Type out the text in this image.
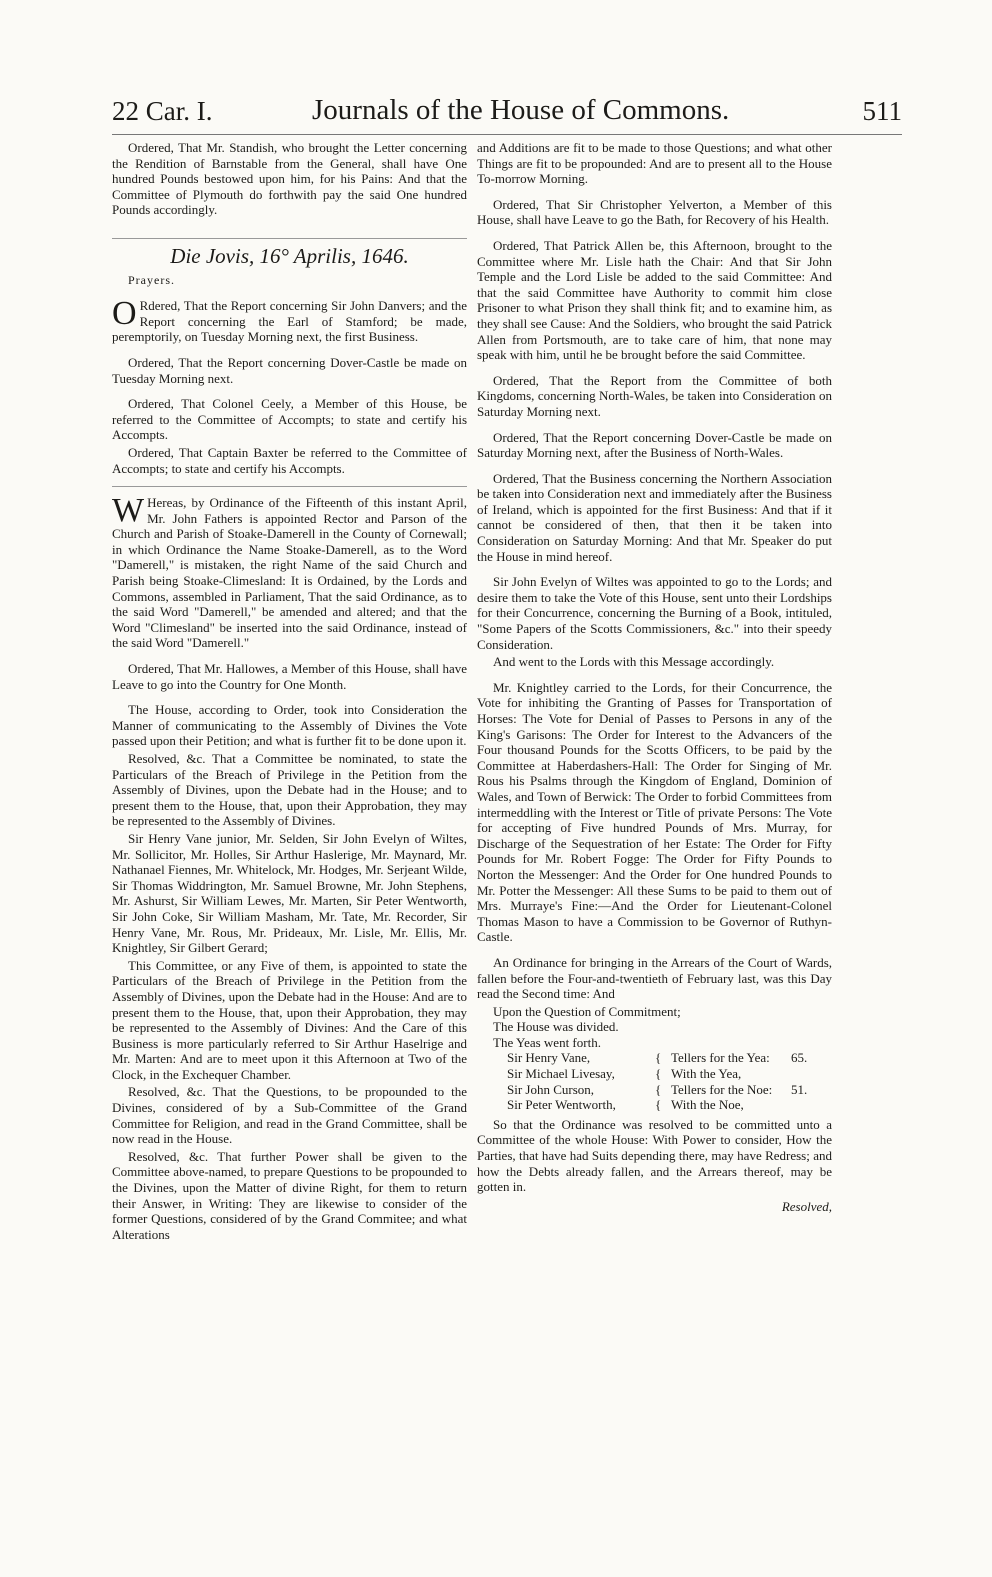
22 Car. I.	Journals of the House of Commons.	511

Ordered, That Mr. Standish, who brought the Letter concerning the Rendition of Barnstable from the General, shall have One hundred Pounds bestowed upon him, for his Pains: And that the Committee of Plymouth do forthwith pay the said One hundred Pounds accordingly.

Die Jovis, 16° Aprilis, 1646.

Prayers.

O Rdered, That the Report concerning Sir John Danvers; and the Report concerning the Earl of Stamford; be made, peremptorily, on Tuesday Morning next, the first Business.

Ordered, That the Report concerning Dover-Castle be made on Tuesday Morning next.

Ordered, That Colonel Ceely, a Member of this House, be referred to the Committee of Accompts; to state and certify his Accompts.

Ordered, That Captain Baxter be referred to the Committee of Accompts; to state and certify his Accompts.

W Hereas, by Ordinance of the Fifteenth of this instant April, Mr. John Fathers is appointed Rector and Parson of the Church and Parish of Stoake-Damerell in the County of Cornewall; in which Ordinance the Name Stoake-Damerell, as to the Word "Damerell," is mistaken, the right Name of the said Church and Parish being Stoake-Climesland: It is Ordained, by the Lords and Commons, assembled in Parliament, That the said Ordinance, as to the said Word "Damerell," be amended and altered; and that the Word "Climesland" be inserted into the said Ordinance, instead of the said Word "Damerell."

Ordered, That Mr. Hallowes, a Member of this House, shall have Leave to go into the Country for One Month.

The House, according to Order, took into Consideration the Manner of communicating to the Assembly of Divines the Vote passed upon their Petition; and what is further fit to be done upon it.

Resolved, &c. That a Committee be nominated, to state the Particulars of the Breach of Privilege in the Petition from the Assembly of Divines, upon the Debate had in the House; and to present them to the House, that, upon their Approbation, they may be represented to the Assembly of Divines.

Sir Henry Vane junior, Mr. Selden, Sir John Evelyn of Wiltes, Mr. Sollicitor, Mr. Holles, Sir Arthur Haslerige, Mr. Maynard, Mr. Nathanael Fiennes, Mr. Whitelock, Mr. Hodges, Mr. Serjeant Wilde, Sir Thomas Widdrington, Mr. Samuel Browne, Mr. John Stephens, Mr. Ashurst, Sir William Lewes, Mr. Marten, Sir Peter Wentworth, Sir John Coke, Sir William Masham, Mr. Tate, Mr. Recorder, Sir Henry Vane, Mr. Rous, Mr. Prideaux, Mr. Lisle, Mr. Ellis, Mr. Knightley, Sir Gilbert Gerard;

This Committee, or any Five of them, is appointed to state the Particulars of the Breach of Privilege in the Petition from the Assembly of Divines, upon the Debate had in the House: And are to present them to the House, that, upon their Approbation, they may be represented to the Assembly of Divines: And the Care of this Business is more particularly referred to Sir Arthur Haselrige and Mr. Marten: And are to meet upon it this Afternoon at Two of the Clock, in the Exchequer Chamber.

Resolved, &c. That the Questions, to be propounded to the Divines, considered of by a Sub-Committee of the Grand Committee for Religion, and read in the Grand Committee, shall be now read in the House.

Resolved, &c. That further Power shall be given to the Committee above-named, to prepare Questions to be propounded to the Divines, upon the Matter of divine Right, for them to return their Answer, in Writing: They are likewise to consider of the former Questions, considered of by the Grand Commitee; and what Alterations

and Additions are fit to be made to those Questions; and what other Things are fit to be propounded: And are to present all to the House To-morrow Morning.

Ordered, That Sir Christopher Yelverton, a Member of this House, shall have Leave to go the Bath, for Recovery of his Health.

Ordered, That Patrick Allen be, this Afternoon, brought to the Committee where Mr. Lisle hath the Chair: And that Sir John Temple and the Lord Lisle be added to the said Committee: And that the said Committee have Authority to commit him close Prisoner to what Prison they shall think fit; and to examine him, as they shall see Cause: And the Soldiers, who brought the said Patrick Allen from Portsmouth, are to take care of him, that none may speak with him, until he be brought before the said Committee.

Ordered, That the Report from the Committee of both Kingdoms, concerning North-Wales, be taken into Consideration on Saturday Morning next.

Ordered, That the Report concerning Dover-Castle be made on Saturday Morning next, after the Business of North-Wales.

Ordered, That the Business concerning the Northern Association be taken into Consideration next and immediately after the Business of Ireland, which is appointed for the first Business: And that if it cannot be considered of then, that then it be taken into Consideration on Saturday Morning: And that Mr. Speaker do put the House in mind hereof.

Sir John Evelyn of Wiltes was appointed to go to the Lords; and desire them to take the Vote of this House, sent unto their Lordships for their Concurrence, concerning the Burning of a Book, intituled, "Some Papers of the Scotts Commissioners, &c." into their speedy Consideration.

And went to the Lords with this Message accordingly.

Mr. Knightley carried to the Lords, for their Concurrence, the Vote for inhibiting the Granting of Passes for Transportation of Horses: The Vote for Denial of Passes to Persons in any of the King's Garisons: The Order for Interest to the Advancers of the Four thousand Pounds for the Scotts Officers, to be paid by the Committee at Haberdashers-Hall: The Order for Singing of Mr. Rous his Psalms through the Kingdom of England, Dominion of Wales, and Town of Berwick: The Order to forbid Committees from intermeddling with the Interest or Title of private Persons: The Vote for accepting of Five hundred Pounds of Mrs. Murray, for Discharge of the Sequestration of her Estate: The Order for Fifty Pounds for Mr. Robert Fogge: The Order for Fifty Pounds to Norton the Messenger: And the Order for One hundred Pounds to Mr. Potter the Messenger: All these Sums to be paid to them out of Mrs. Murraye's Fine:—And the Order for Lieutenant-Colonel Thomas Mason to have a Commission to be Governor of Ruthyn-Castle.

An Ordinance for bringing in the Arrears of the Court of Wards, fallen before the Four-and-twentieth of February last, was this Day read the Second time: And

Upon the Question of Commitment;

The House was divided.

The Yeas went forth.

Sir Henry Vane,	{ Tellers for the Yea:	65.
Sir Michael Livesay,	{ With the Yea,
Sir John Curson,	{ Tellers for the Noe:	51.
Sir Peter Wentworth,	{ With the Noe,

So that the Ordinance was resolved to be committed unto a Committee of the whole House: With Power to consider, How the Parties, that have had Suits depending there, may have Redress; and how the Debts already fallen, and the Arrears thereof, may be gotten in.

Resolved,
